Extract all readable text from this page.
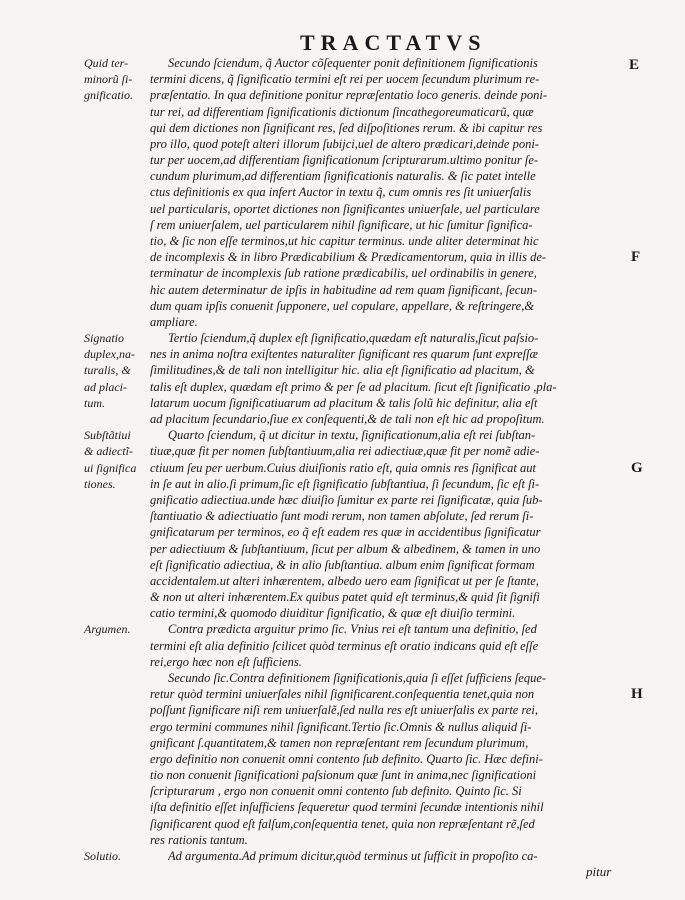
TRACTATVS
E
Quid ter-
minorũ ſi-
gnificatio.
Signatio
duplex,na-
turalis, &
ad placi-
tum.
Subſtãtiui
& adiectĩ-
ui ſignifica
tiones.
Argumen.
Solutio.
F
G
H
Secundo ſciendum, q̃ Auctor cõſequenter ponit definitionem ſignificationis
termini dicens, q̃ ſignificatio termini eſt rei per uocem ſecundum plurimum re-
præſentatio. In qua definitione ponitur repræſentatio loco generis. deinde poni-
tur rei, ad differentiam ſignificationis dictionum ſincathegoreumaticarũ, quæ
qui dem dictiones non ſignificant res, ſed diſpoſitiones rerum. & ibi capitur res
pro illo, quod poteſt alteri illorum ſubijci,uel de altero prædicari,deinde poni-
tur per uocem,ad differentiam ſignificationum ſcripturarum.ultimo ponitur ſe-
cundum plurimum,ad differentiam ſignificationis naturalis. & ſic patet intelle
ctus definitionis ex qua infert Auctor in textu q̃, cum omnis res ſit uniuerſalis
uel particularis, oportet dictiones non ſignificantes uniuerſale, uel particulare
ſ rem uniuerſalem, uel particularem nihil ſignificare, ut hic ſumitur ſignifica-
tio, & ſic non eſſe terminos,ut hic capitur terminus. unde aliter determinat hic
de incomplexis & in libro Prædicabilium & Prædicamentorum, quia in illis de-
terminatur de incomplexis ſub ratione prædicabilis, uel ordinabilis in genere,
hic autem determinatur de ipſis in habitudine ad rem quam ſignificant, ſecun-
dum quam ipſis conuenit ſupponere, uel copulare, appellare, & reſtringere,&
ampliare.
Tertio ſciendum,q̃ duplex eſt ſignificatio,quædam eſt naturalis,ſicut paſsio-
nes in anima noſtra exiſtentes naturaliter ſignificant res quarum ſunt expreſſæ
ſimilitudines,& de tali non intelligitur hic. alia eſt ſignificatio ad placitum, &
talis eſt duplex, quædam eſt primo & per ſe ad placitum. ſicut eſt ſignificatio ,pla-
latarum uocum ſignificatiuarum ad placitum & talis ſolũ hic definitur, alia eſt
ad placitum ſecundario,ſiue ex conſequenti,& de tali non eſt hic ad propoſitum.
Quarto ſciendum, q̃ ut dicitur in textu, ſignificationum,alia eſt rei ſubſtan-
tiuæ,quæ fit per nomen ſubſtantiuum,alia rei adiectiuæ,quæ fit per nomẽ adie-
ctiuum ſeu per uerbum.Cuius diuiſionis ratio eſt, quia omnis res ſignificat aut
in ſe aut in alio.ſi primum,ſic eſt ſignificatio ſubſtantiua, ſi ſecundum, ſic eſt ſi-
gnificatio adiectiua.unde hæc diuiſio ſumitur ex parte rei ſignificatæ, quia ſub-
ſtantiuatio & adiectiuatio ſunt modi rerum, non tamen abſolute, ſed rerum ſi-
gnificatarum per terminos, eo q̃ eſt eadem res quæ in accidentibus ſignificatur
per adiectiuum & ſubſtantiuum, ſicut per album & albedinem, & tamen in uno
eſt ſignificatio adiectiua, & in alio ſubſtantiua. album enim ſignificat formam
accidentalem.ut alteri inhærentem, albedo uero eam ſignificat ut per ſe ſtante,
& non ut alteri inhærentem.Ex quibus patet quid eſt terminus,& quid ſit ſignifi
catio termini,& quomodo diuiditur ſignificatio, & quæ eſt diuiſio termini.
Contra prædicta arguitur primo ſic. Vnius rei eſt tantum una definitio, ſed
termini eſt alia definitio ſcilicet quòd terminus eſt oratio indicans quid eſt eſſe
rei,ergo hæc non eſt ſufficiens.
Secundo ſic.Contra definitionem ſignificationis,quia ſi eſſet ſufficiens ſeque-
retur quòd termini uniuerſales nihil ſignificarent.conſequentia tenet,quia non
poſſunt ſignificare niſi rem uniuerſalẽ,ſed nulla res eſt uniuerſalis ex parte rei,
ergo termini communes nihil ſignificant.Tertio ſic.Omnis & nullus aliquid ſi-
gnificant ſ.quantitatem,& tamen non repræſentant rem ſecundum plurimum,
ergo definitio non conuenit omni contento ſub definito. Quarto ſic. Hæc defini-
tio non conuenit ſignificationi paſsionum quæ ſunt in anima,nec ſignificationi
ſcripturarum , ergo non conuenit omni contento ſub definito. Quinto ſic. Si
iſta definitio eſſet inſufficiens ſequeretur quod termini ſecundæ intentionis nihil
ſignificarent quod eſt falſum,conſequentia tenet, quia non repræſentant rẽ,ſed
res rationis tantum.
Ad argumenta.Ad primum dicitur,quòd terminus ut ſufficit in propoſito ca-
pitur
